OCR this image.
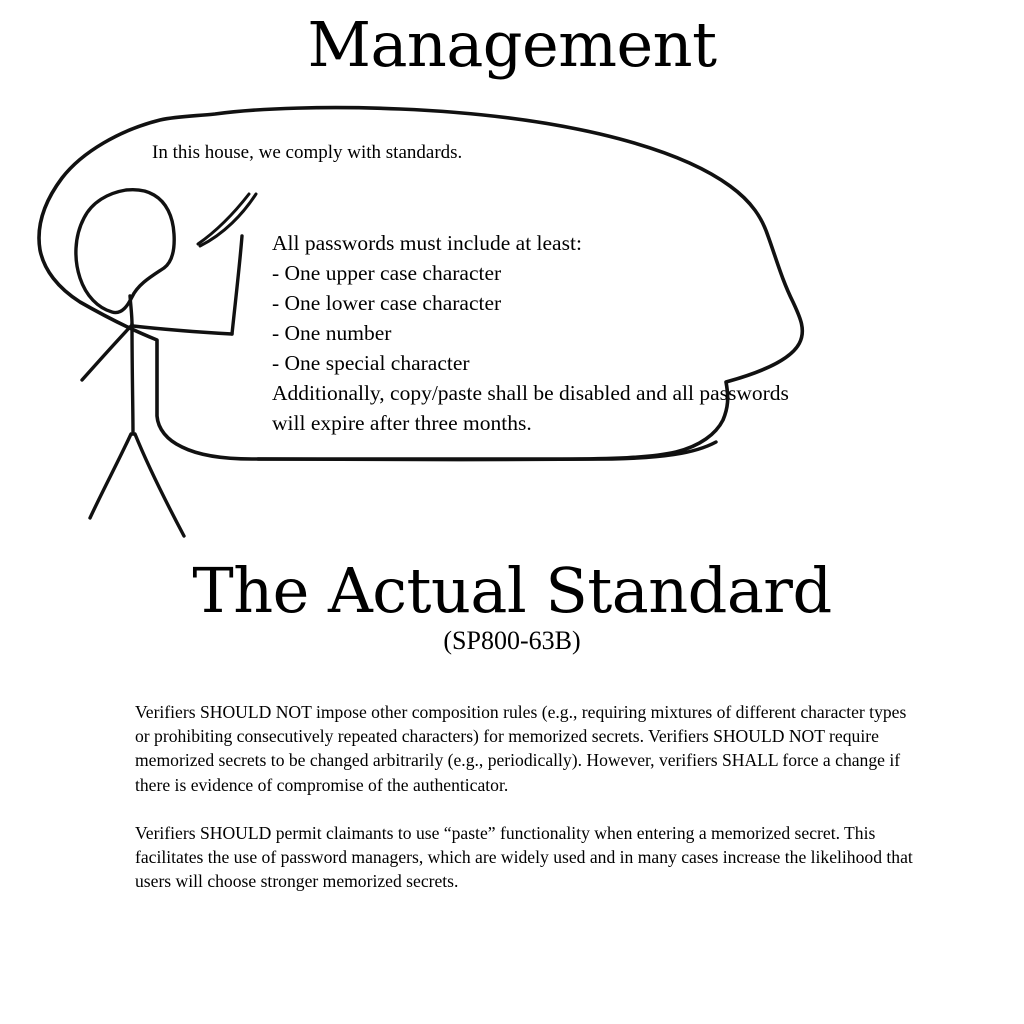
Management
In this house, we comply with standards.
All passwords must include at least:
- One upper case character
- One lower case character
- One number
- One special character
Additionally, copy/paste shall be disabled and all passwords will expire after three months.
The Actual Standard
(SP800-63B)

Verifiers SHOULD NOT impose other composition rules (e.g., requiring mixtures of different character types or prohibiting consecutively repeated characters) for memorized secrets. Verifiers SHOULD NOT require memorized secrets to be changed arbitrarily (e.g., periodically). However, verifiers SHALL force a change if there is evidence of compromise of the authenticator.

Verifiers SHOULD permit claimants to use “paste” functionality when entering a memorized secret. This facilitates the use of password managers, which are widely used and in many cases increase the likelihood that users will choose stronger memorized secrets.
